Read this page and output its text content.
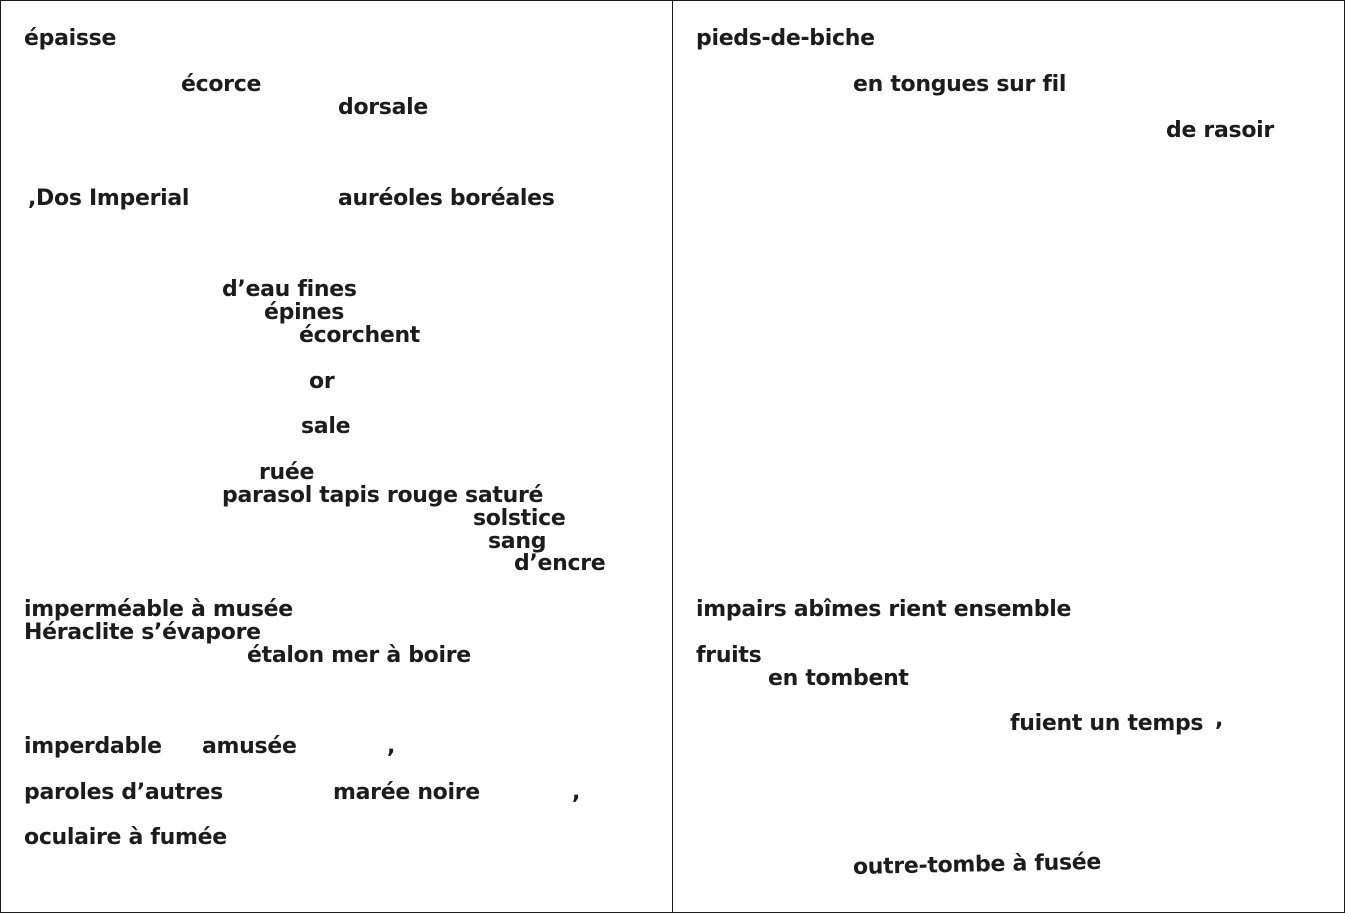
épaisse
écorce
dorsale
,Dos Imperial	auréoles boréales
d’eau fines
épines
écorchent
or
sale
ruée
parasol tapis rouge saturé
solstice
sang
d’encre
imperméable à musée
Héraclite s’évapore
étalon mer à boire
imperdable amusée	,
paroles d’autres	marée noire	,
oculaire à fumée
pieds-de-biche
en tongues sur fil
de rasoir
impairs abîmes rient ensemble
fruits
en tombent
fuient un temps ,
outre-tombe à fusée
